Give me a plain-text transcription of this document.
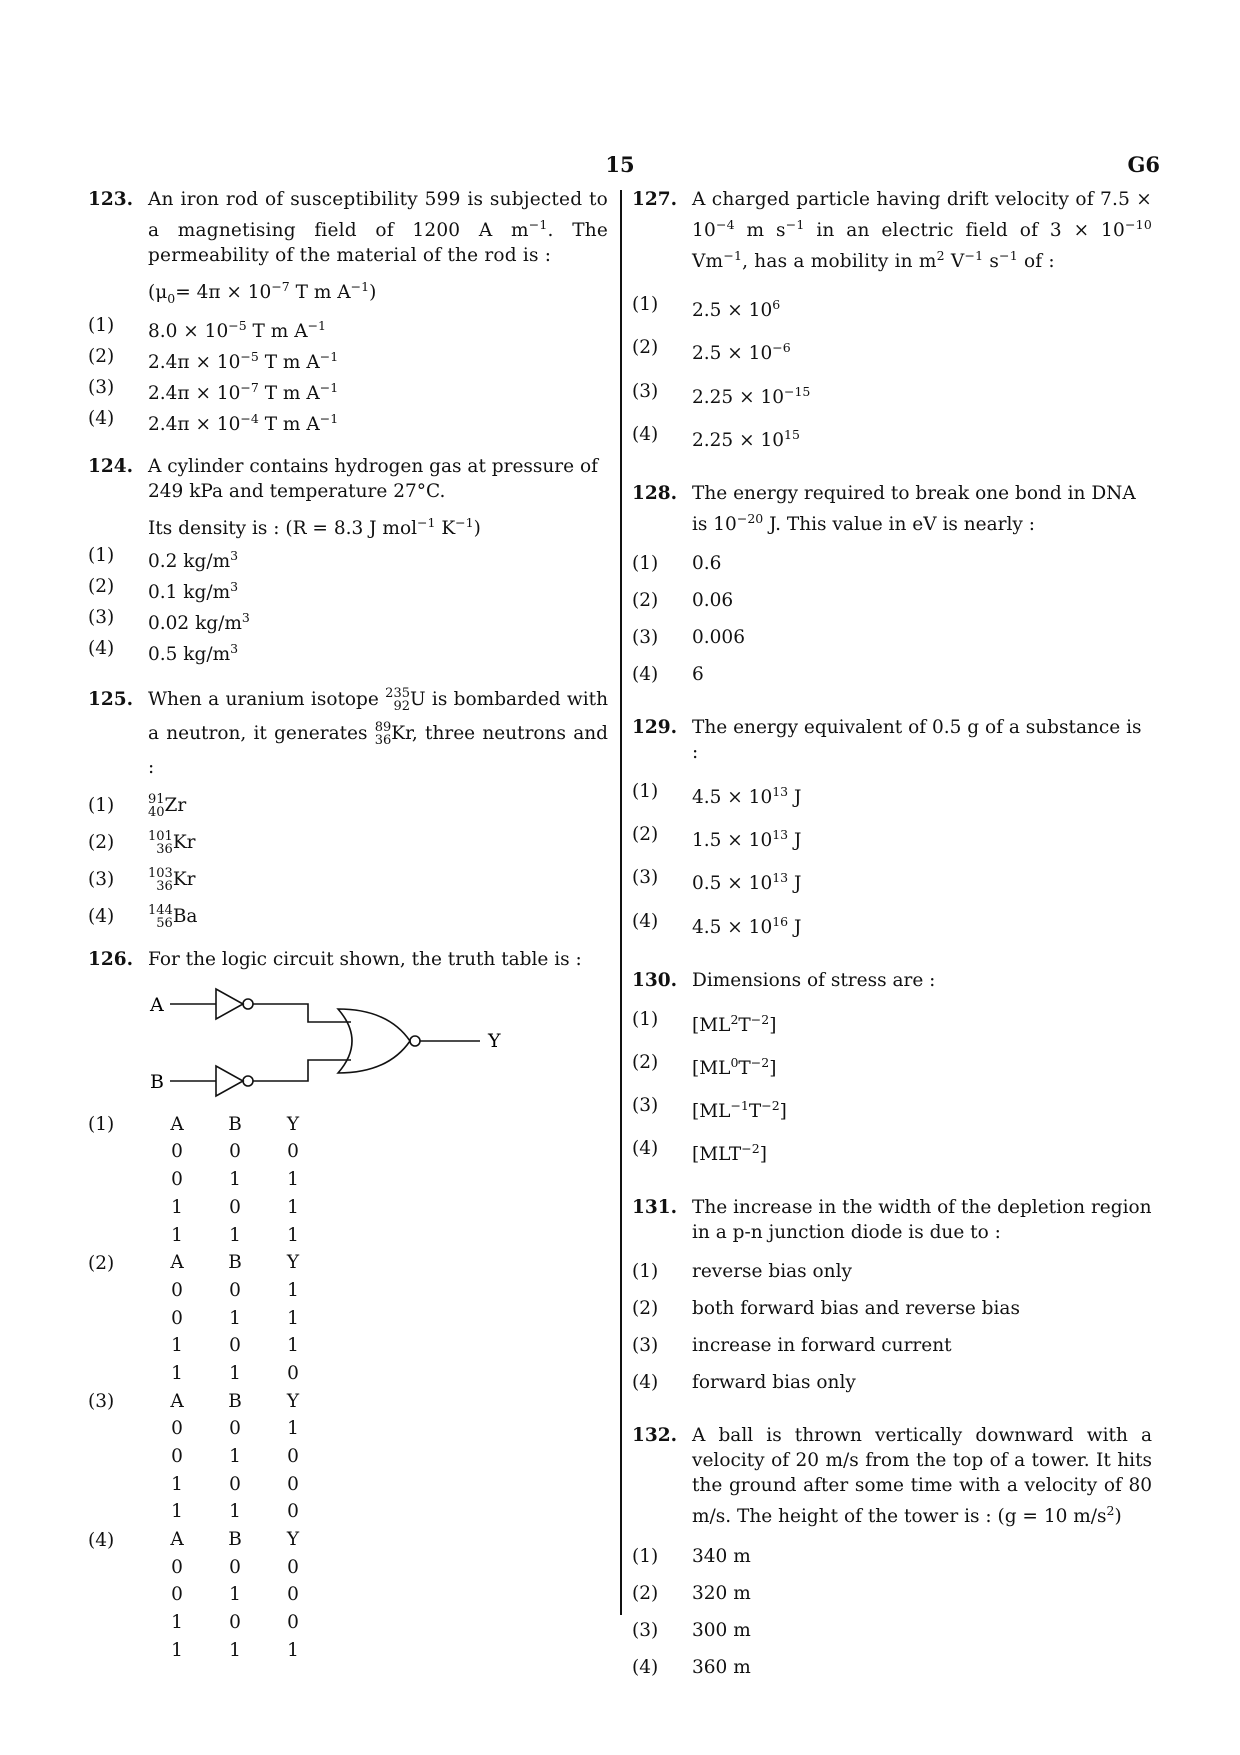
15	G6
123. An iron rod of susceptibility 599 is subjected to a magnetising field of 1200 A $m^{-1}$. The permeability of the material of the rod is :

($\mu_0= 4\pi \times 10^{-7}$ T m $A^{-1}$)

(1) $8.0 \times 10^{-5}$ T m $A^{-1}$
(2) $2.4\pi \times 10^{-5}$ T m $A^{-1}$
(3) $2.4\pi \times 10^{-7}$ T m $A^{-1}$
(4) $2.4\pi \times 10^{-4}$ T m $A^{-1}$
124. A cylinder contains hydrogen gas at pressure of 249 kPa and temperature 27°C.

Its density is : (R = 8.3 J mol$^{-1}$ $K^{-1}$)

(1) 0.2 $kg/m^3$
(2) 0.1 $kg/m^3$
(3) 0.02 $kg/m^3$
(4) 0.5 $kg/m^3$
125. When a uranium isotope 235
92 U is bombarded with a neutron, it generates 89
36 Kr, three neutrons and :

(1)	91
40 Zr
(2)	101
36 Kr
(3)	103
36 Kr
(4)	144
56 Ba
126. For the logic circuit shown, the truth table is :

A
B
Y
(1)	A	B	Y
0	0	0
0	1	1
1	0	1
1	1	1
(2)	A	B	Y
0	0	1
0	1	1
1	0	1
1	1	0
(3)	A	B	Y
0	0	1
0	1	0
1	0	0
1	1	0
(4)	A	B	Y
0	0	0
0	1	0
1	0	0
1	1	1
127. A charged particle having drift velocity of $7.5 \times 10^{-4}$ m $s^{-1}$ in an electric field of $3 \times 10^{-10}$ $Vm^{-1}$, has a mobility in $m^2$ $V^{-1}$ $s^{-1}$ of :

(1) $2.5 \times 10^6$
(2) $2.5 \times 10^{-6}$
(3) $2.25 \times 10^{-15}$
(4) $2.25 \times 10^{15}$
128. The energy required to break one bond in DNA is $10^{-20}$ J. This value in eV is nearly :

(1) 0.6
(2) 0.06
(3) 0.006
(4) 6
129. The energy equivalent of 0.5 g of a substance is :

(1) $4.5 \times 10^{13}$ J
(2) $1.5 \times 10^{13}$ J
(3) $0.5 \times 10^{13}$ J
(4) $4.5 \times 10^{16}$ J
130. Dimensions of stress are :

(1) $[ML^2T^{-2}]$
(2) $[ML^0T^{-2}]$
(3) $[ML^{-1}T^{-2}]$
(4) $[MLT^{-2}]$
131. The increase in the width of the depletion region in a p-n junction diode is due to :

(1) reverse bias only
(2) both forward bias and reverse bias
(3) increase in forward current
(4) forward bias only
132. A ball is thrown vertically downward with a velocity of 20 m/s from the top of a tower. It hits the ground after some time with a velocity of 80 m/s. The height of the tower is : (g = 10 $m/s^2$)

(1) 340 m
(2) 320 m
(3) 300 m
(4) 360 m
